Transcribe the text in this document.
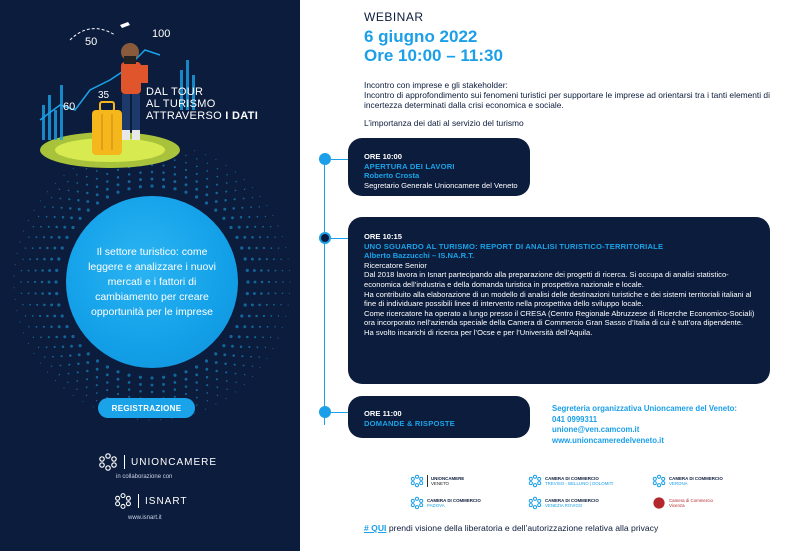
50
100
35
60
DAL TOUR
AL TURISMO
ATTRAVERSO I DATI
Il settore turistico: come leggere e analizzare i nuovi mercati e i fattori di cambiamento per creare opportunità per le imprese
REGISTRAZIONE
UNIONCAMERE
in collaborazione con
ISNART
www.isnart.it
WEBINAR
6 giugno 2022
Ore 10:00 – 11:30
Incontro con imprese e gli stakeholder:
Incontro di approfondimento sui fenomeni turistici per supportare le imprese ad orientarsi tra i tanti elementi di incertezza determinati dalla crisi economica e sociale.
L’importanza dei dati al servizio del turismo
ORE 10:00
APERTURA DEI LAVORI
Roberto Crosta
Segretario Generale Unioncamere del Veneto
ORE 10:15
UNO SGUARDO AL TURISMO: REPORT DI ANALISI TURISTICO-TERRITORIALE
Alberto Bazzucchi – IS.NA.R.T.
Ricercatore Senior
Dal 2018 lavora in Isnart partecipando alla preparazione dei progetti di ricerca. Si occupa di analisi statistico-economica dell’industria e della domanda turistica in prospettiva nazionale e locale.
Ha contribuito alla elaborazione di un modello di analisi delle destinazioni turistiche e dei sistemi territoriali italiani al fine di individuare possibili linee di intervento nella prospettiva dello sviluppo locale.
Come ricercatore ha operato a lungo presso il CRESA (Centro Regionale Abruzzese di Ricerche Economico-Sociali) ora incorporato nell’azienda speciale della Camera di Commercio Gran Sasso d’Italia di cui è tutt’ora dipendente.
Ha svolto incarichi di ricerca per l’Ocse e per l’Università dell’Aquila.
ORE 11:00
DOMANDE & RISPOSTE
Segreteria organizzativa Unioncamere del Veneto:
041 0999311
unione@ven.camcom.it
www.unioncameredelveneto.it
UNIONCAMERE
VENETO
CAMERA DI COMMERCIO
TREVISO - BELLUNO | DOLOMITI
CAMERA DI COMMERCIO
VERONA
CAMERA DI COMMERCIO
PADOVA
CAMERA DI COMMERCIO
VENEZIA ROVIGO
Camera di Commercio
Vicenza
# QUI prendi visione della liberatoria e dell’autorizzazione relativa alla privacy
